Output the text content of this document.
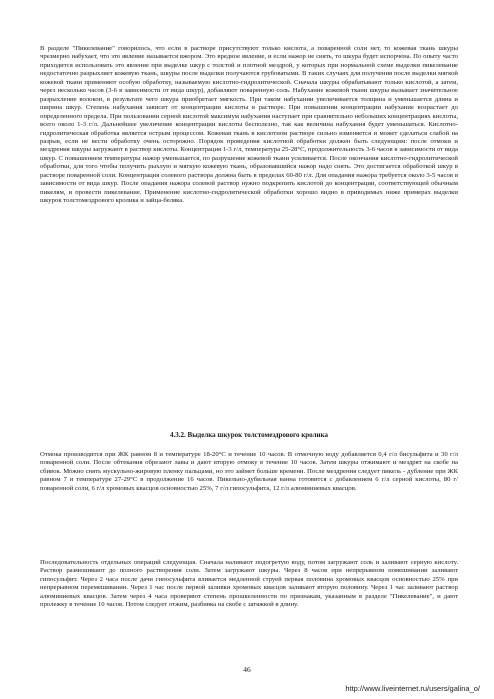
В разделе "Пикелевание" говорилось, что если в растворе присутствуют только кислота, а поваренной соли нет, то кожевая ткань шкуры чрезмерно набухает, что это явление называется вжором. Это вредное явление, и если нажор не снять, то шкура будет испорчена. По опыту часто приходится использовать это явление при выделке шкур с толстой и плотной мездрой, у которых при нормальной схеме выделки пикелевание недостаточно разрыхляет кожевую ткань, шкуры после выделки получаются грубоватыми. В таких случаях для получения после выделки мягкой кожевой ткани применяют особую обработку, называемую кислотно-гидролитической. Сначала шкуры обрабатывают только кислотой, а затем, через несколько часов (3-6 в зависимости от вида шкур), добавляют поваренную соль. Набухание кожевой ткани шкуры вызывает значительное разрыхление волокон, в результате чего шкура приобретает мягкость. При таком набухании увеличивается толщина и уменьшается длина и ширина шкур. Степень набухания зависит от концентрации кислоты в растворе. При повышении концентрации набухание возрастает до определенного предела. При пользовании серной кислотой максимум набухания наступает при сравнительно небольших концентрациях кислоты, всего около 1-3 г/л. Дальнейшее увеличение концентрации кислоты бесполезно, так как величина набухания будет уменьшаться. Кислотно-гидролитическая обработка является острым процессом. Кожевая ткань в кислотном растворе сильно изменяется и может сделаться слабой на разрыв, если не вести обработку очень осторожно. Порядок проведения кислотной обработки должен быть следующим: после отмоки и мездрения шкуры загружают в раствор кислоты. Концентрация 1-3 г/л, температура 25-28°С, продолжительность 3-6 часов в зависимости от вида шкур. С повышением температуры нажор уменьшается, по разрушение кожевой ткани усиливается. После окончания кислотно-гидролитической обработки, для того чтобы получить рыхлую и мягкую кожевую ткань, образовавшийся нажор надо снять. Это достигается обработкой шкур в растворе поваренной соли. Концентрация солевого раствора должна быть в пределах 60-80 г/л. Для опадания нажора требуется около 3-5 часов в зависимости от вида шкур. После опадания нажора солевой раствор нужно подкрепить кислотой до концентрации, соответствующей обычным пикелям, и провести пикелевание. Применение кислотно-гидролитической обработки хорошо видно в приводимых ниже примерах выделки шкурок толстомездрового кролика и зайца-беляка.

4.3.2. Выделка шкурок толстомездрового кролика

Отмока производится при ЖК равном 8 и температуре 18-20°С и течение 10 часов. В отмочную воду добавляется 0,4 г/л бисульфита и 30 г/л поваренной соли. После обтекания обрезают лавы и дают вторую отмоку в течение 10 часов. Затем шкуры отжимают и мездрят на скобе на сбивок. Можно снять мускульно-жировую пленку пальцами, но это займет больше времени. После мездрения следует пикель - дубление при ЖК равном 7 и температуре 27-29°С в продолжение 16 часов. Пикельно-дубильная ванна готовится с добавлением 6 г/л серной кислоты, 80 г/ поваренной соли, 6 г/л хромовых квасцов основностью 25%, 7 г/л гипосульфита, 12 г/л алюминиевых квасцов.

Последовательность отдельных операций следующая. Сначала наливают подогретую воду, потом загружают соль и заливают серную кислоту. Раствор размешивают до полного растворения соли. Затем загружают шкуры. Через 8 часов при непрерывном помешивании заливают гипосульфит. Через 2 часа после дачи гипосульфита вливается медленной струей первая половина хромовых квасцов основностью 25% при непрерывном перемешивании. Через 1 час после первой заливки хромовых квасцов заливают вторую половину. Через 1 час заливают раствор алюминиевых квасцов. Затем через 4 часа проверяют степень прошкеленности по признакам, указанным в разделе "Пикелевание", и дают пролежку в течение 10 часов. Потом следует отжим, разбивка на скобе с затяжкой в длину.

46
http://www.liveinternet.ru/users/galina_o/
